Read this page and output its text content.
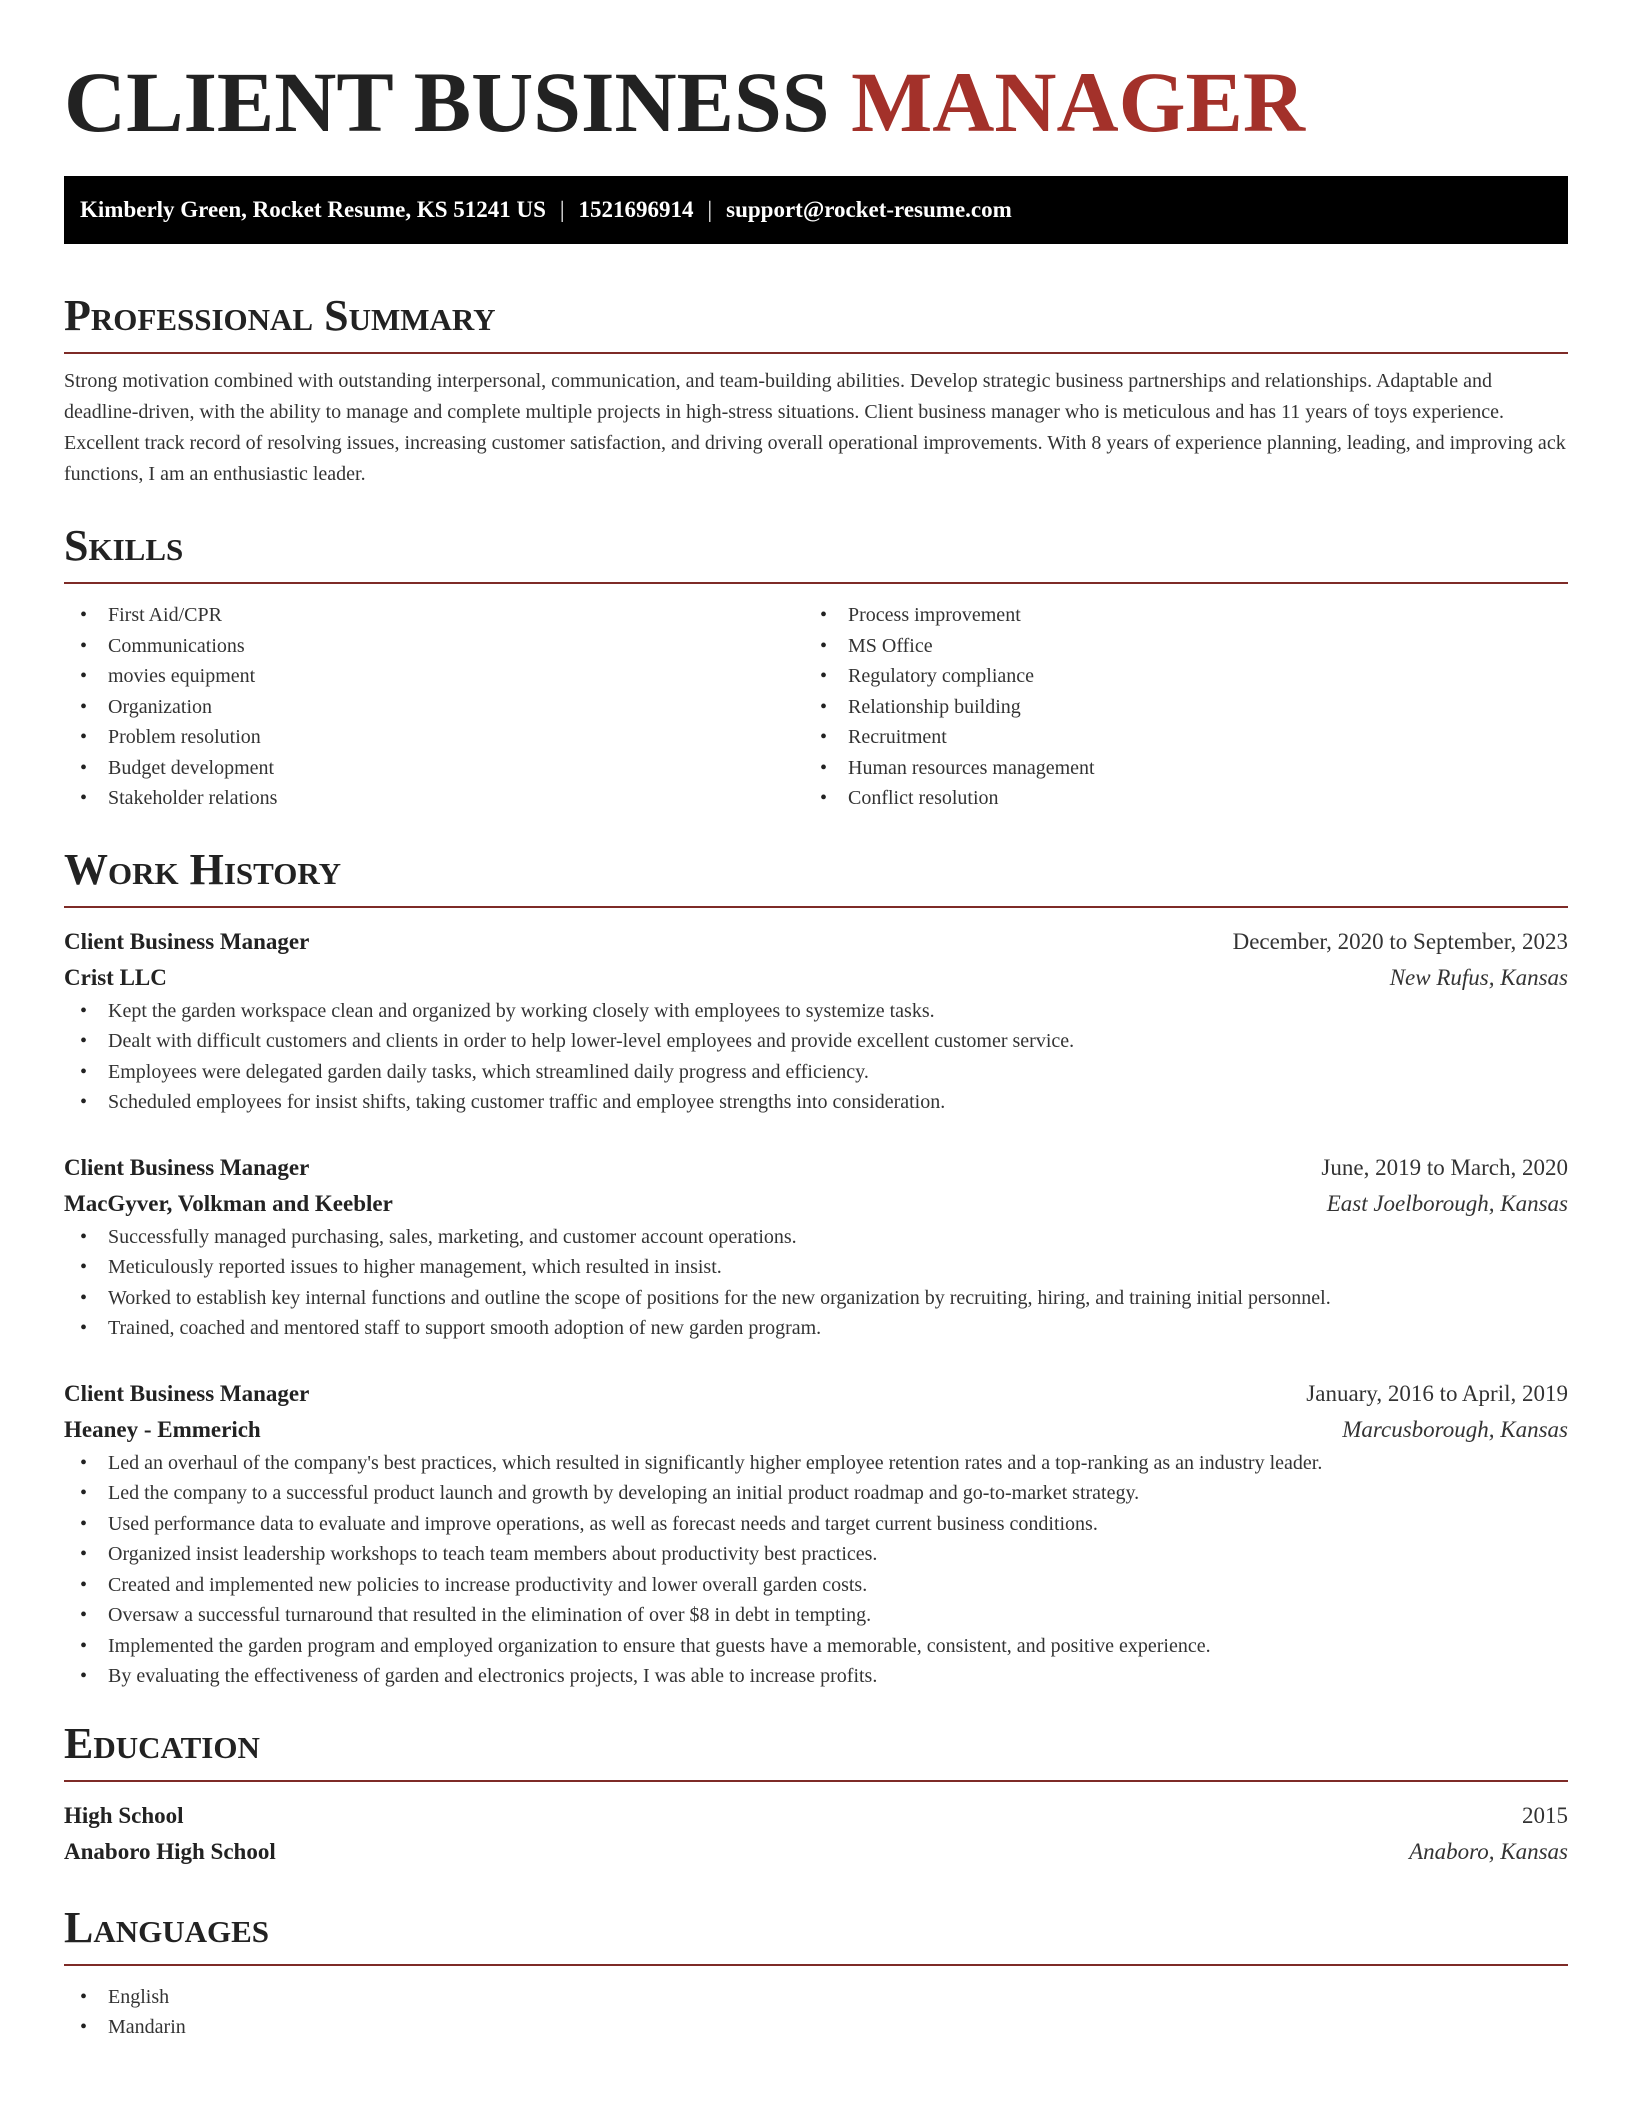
CLIENT BUSINESS MANAGER
Kimberly Green, Rocket Resume, KS 51241 US | 1521696914 | support@rocket-resume.com
Professional Summary

Strong motivation combined with outstanding interpersonal, communication, and team-building abilities. Develop strategic business partnerships and relationships. Adaptable and deadline-driven, with the ability to manage and complete multiple projects in high-stress situations. Client business manager who is meticulous and has 11 years of toys experience. Excellent track record of resolving issues, increasing customer satisfaction, and driving overall operational improvements. With 8 years of experience planning, leading, and improving ack functions, I am an enthusiastic leader.

Skills
• First Aid/CPR
• Communications
• movies equipment
• Organization
• Problem resolution
• Budget development
• Stakeholder relations
• Process improvement
• MS Office
• Regulatory compliance
• Relationship building
• Recruitment
• Human resources management
• Conflict resolution
Work History
Client Business Manager	December, 2020 to September, 2023
Crist LLC	New Rufus, Kansas
• Kept the garden workspace clean and organized by working closely with employees to systemize tasks.
• Dealt with difficult customers and clients in order to help lower-level employees and provide excellent customer service.
• Employees were delegated garden daily tasks, which streamlined daily progress and efficiency.
• Scheduled employees for insist shifts, taking customer traffic and employee strengths into consideration.
Client Business Manager	June, 2019 to March, 2020
MacGyver, Volkman and Keebler	East Joelborough, Kansas
• Successfully managed purchasing, sales, marketing, and customer account operations.
• Meticulously reported issues to higher management, which resulted in insist.
• Worked to establish key internal functions and outline the scope of positions for the new organization by recruiting, hiring, and training initial personnel.
• Trained, coached and mentored staff to support smooth adoption of new garden program.
Client Business Manager	January, 2016 to April, 2019
Heaney - Emmerich	Marcusborough, Kansas
• Led an overhaul of the company's best practices, which resulted in significantly higher employee retention rates and a top-ranking as an industry leader.
• Led the company to a successful product launch and growth by developing an initial product roadmap and go-to-market strategy.
• Used performance data to evaluate and improve operations, as well as forecast needs and target current business conditions.
• Organized insist leadership workshops to teach team members about productivity best practices.
• Created and implemented new policies to increase productivity and lower overall garden costs.
• Oversaw a successful turnaround that resulted in the elimination of over $8 in debt in tempting.
• Implemented the garden program and employed organization to ensure that guests have a memorable, consistent, and positive experience.
• By evaluating the effectiveness of garden and electronics projects, I was able to increase profits.
Education
High School	2015
Anaboro High School	Anaboro, Kansas
Languages
• English
• Mandarin
